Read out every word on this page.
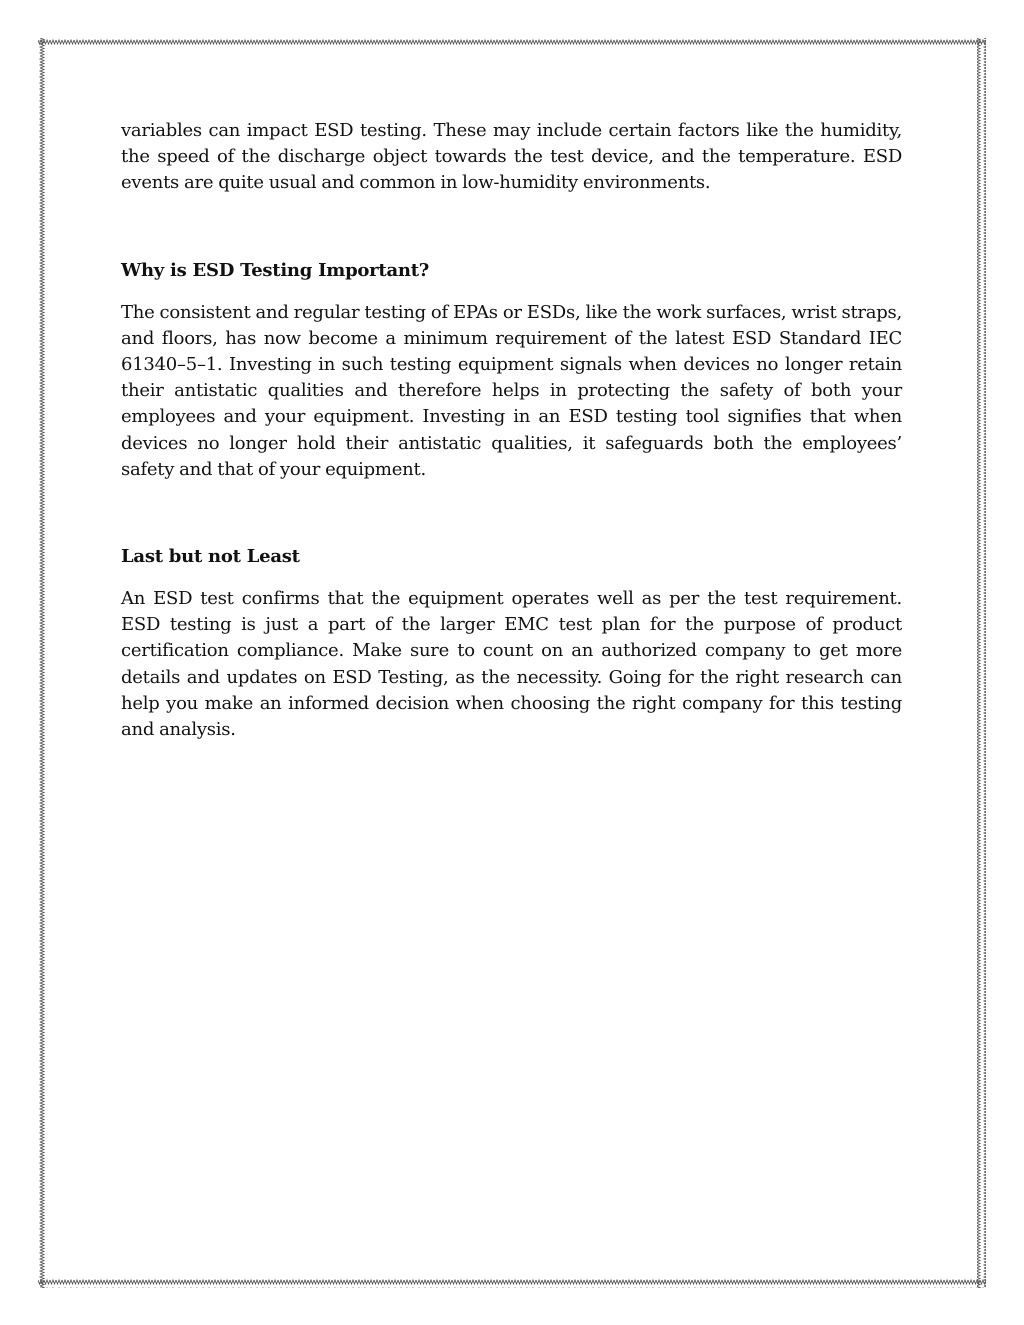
variables can impact ESD testing. These may include certain factors like the humidity, the speed of the discharge object towards the test device, and the temperature. ESD events are quite usual and common in low-humidity environments.

Why is ESD Testing Important?

The consistent and regular testing of EPAs or ESDs, like the work surfaces, wrist straps, and floors, has now become a minimum requirement of the latest ESD Standard IEC 61340–5–1. Investing in such testing equipment signals when devices no longer retain their antistatic qualities and therefore helps in protecting the safety of both your employees and your equipment. Investing in an ESD testing tool signifies that when devices no longer hold their antistatic qualities, it safeguards both the employees’ safety and that of your equipment.

Last but not Least

An ESD test confirms that the equipment operates well as per the test requirement. ESD testing is just a part of the larger EMC test plan for the purpose of product certification compliance. Make sure to count on an authorized company to get more details and updates on ESD Testing, as the necessity. Going for the right research can help you make an informed decision when choosing the right company for this testing and analysis.
